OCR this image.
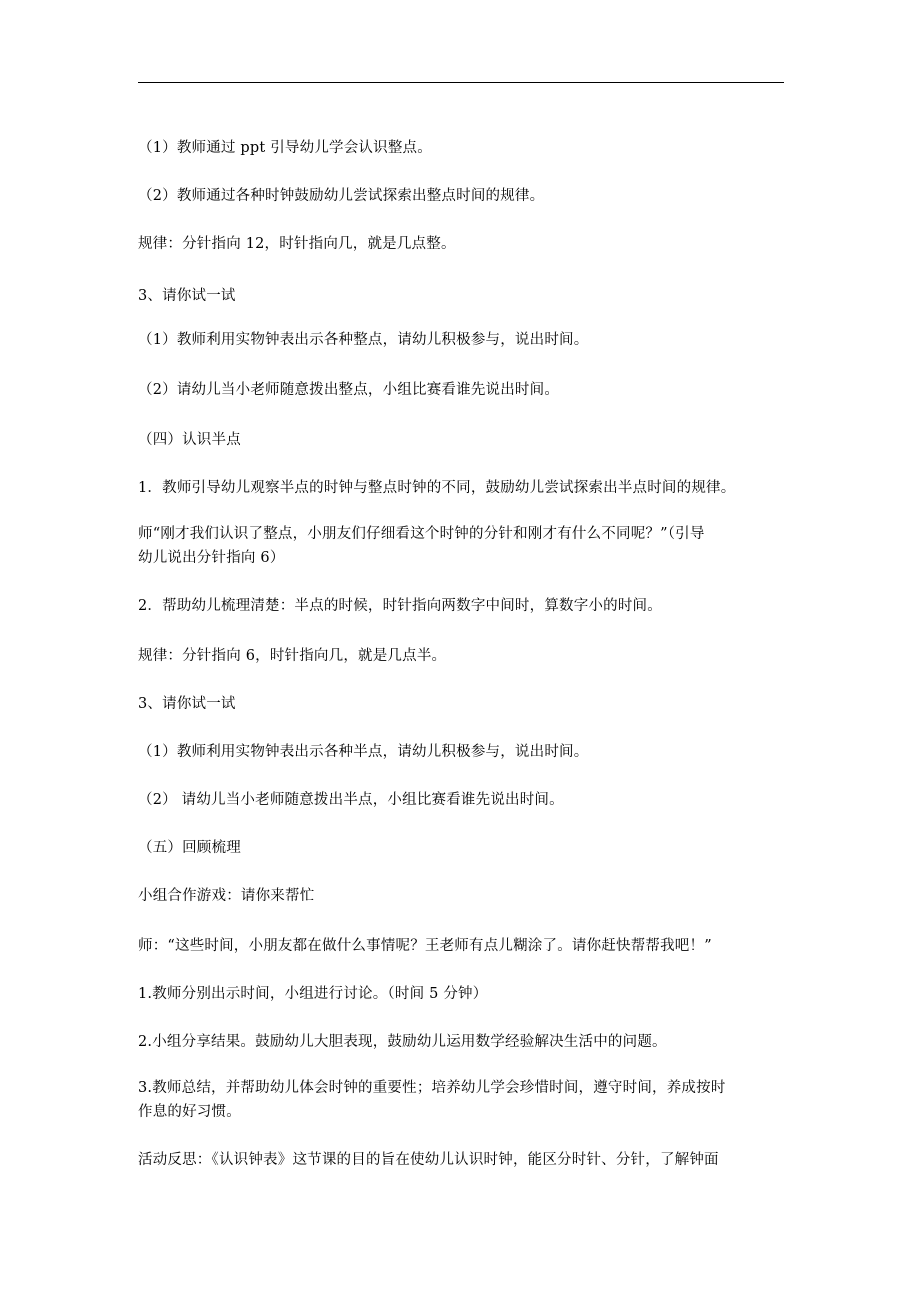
（1）教师通过 ppt 引导幼儿学会认识整点。
（2）教师通过各种时钟鼓励幼儿尝试探索出整点时间的规律。
规律：分针指向 12，时针指向几，就是几点整。
3、请你试一试
（1）教师利用实物钟表出示各种整点，请幼儿积极参与，说出时间。
（2）请幼儿当小老师随意拨出整点，小组比赛看谁先说出时间。
（四）认识半点
1．教师引导幼儿观察半点的时钟与整点时钟的不同，鼓励幼儿尝试探索出半点时间的规律。
师“刚才我们认识了整点，小朋友们仔细看这个时钟的分针和刚才有什么不同呢？”（引导
幼儿说出分针指向 6）
2．帮助幼儿梳理清楚：半点的时候，时针指向两数字中间时，算数字小的时间。
规律：分针指向 6，时针指向几，就是几点半。
3、请你试一试
（1）教师利用实物钟表出示各种半点，请幼儿积极参与，说出时间。
（2） 请幼儿当小老师随意拨出半点，小组比赛看谁先说出时间。
（五）回顾梳理
小组合作游戏：请你来帮忙
师：“这些时间，小朋友都在做什么事情呢？王老师有点儿糊涂了。请你赶快帮帮我吧！”
1.教师分别出示时间，小组进行讨论。（时间 5 分钟）
2.小组分享结果。鼓励幼儿大胆表现，鼓励幼儿运用数学经验解决生活中的问题。
3.教师总结，并帮助幼儿体会时钟的重要性；培养幼儿学会珍惜时间，遵守时间，养成按时
作息的好习惯。
活动反思：《认识钟表》这节课的目的旨在使幼儿认识时钟，能区分时针、分针，了解钟面
